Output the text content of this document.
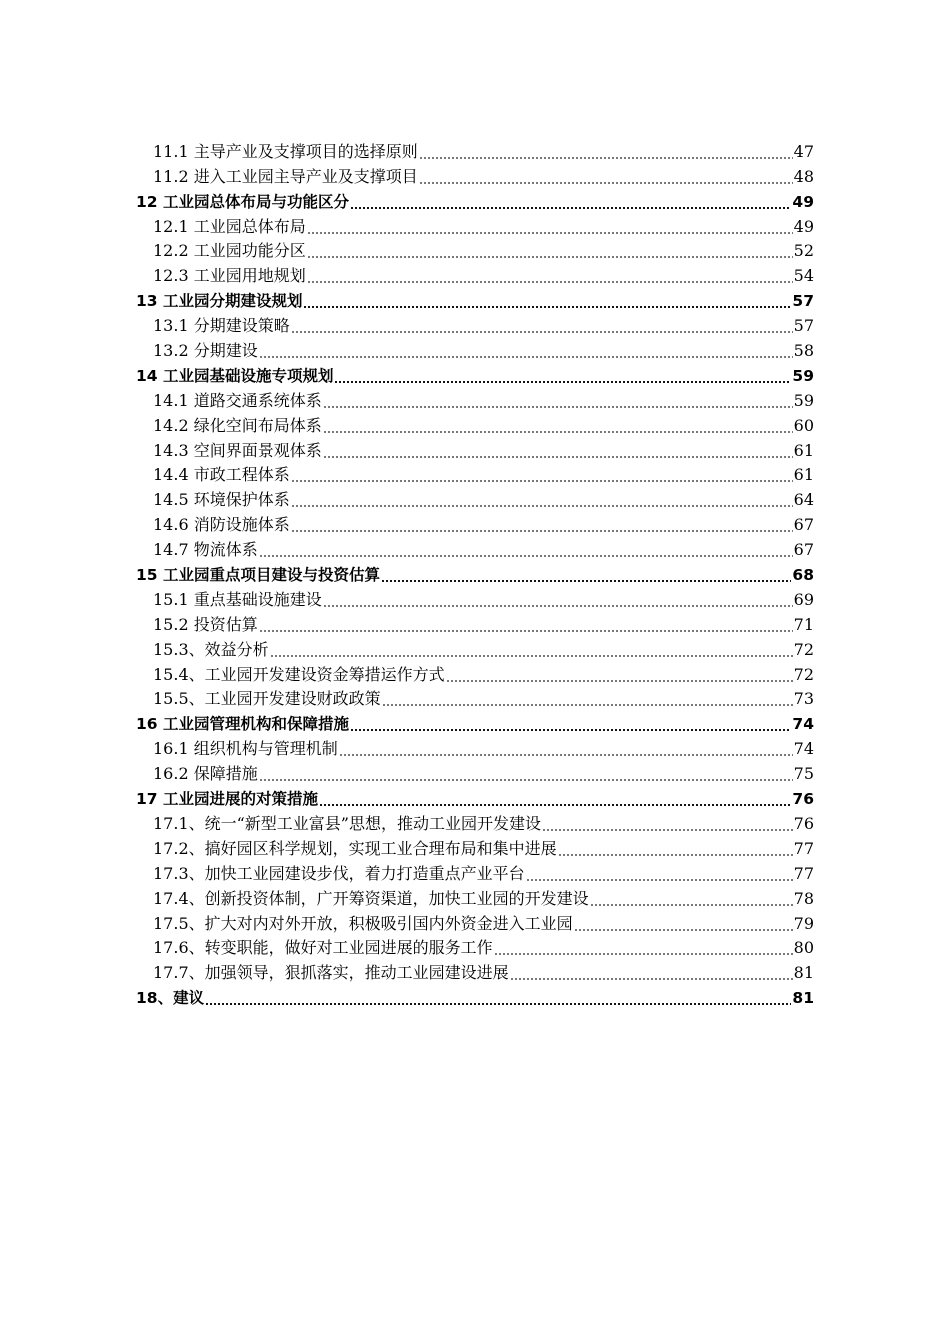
11.1 主导产业及支撑项目的选择原则	47
11.2 进入工业园主导产业及支撑项目	48
12 工业园总体布局与功能区分	49
12.1 工业园总体布局	49
12.2 工业园功能分区	52
12.3 工业园用地规划	54
13 工业园分期建设规划	57
13.1 分期建设策略	57
13.2 分期建设	58
14 工业园基础设施专项规划	59
14.1 道路交通系统体系	59
14.2 绿化空间布局体系	60
14.3 空间界面景观体系	61
14.4 市政工程体系	61
14.5 环境保护体系	64
14.6 消防设施体系	67
14.7 物流体系	67
15 工业园重点项目建设与投资估算	68
15.1 重点基础设施建设	69
15.2 投资估算	71
15.3、效益分析	72
15.4、工业园开发建设资金筹措运作方式	72
15.5、工业园开发建设财政政策	73
16 工业园管理机构和保障措施	74
16.1 组织机构与管理机制	74
16.2 保障措施	75
17 工业园进展的对策措施	76
17.1、统一“新型工业富县”思想，推动工业园开发建设	76
17.2、搞好园区科学规划，实现工业合理布局和集中进展	77
17.3、加快工业园建设步伐，着力打造重点产业平台	77
17.4、创新投资体制，广开筹资渠道，加快工业园的开发建设	78
17.5、扩大对内对外开放，积极吸引国内外资金进入工业园	79
17.6、转变职能，做好对工业园进展的服务工作	80
17.7、加强领导，狠抓落实，推动工业园建设进展	81
18、建议	81
